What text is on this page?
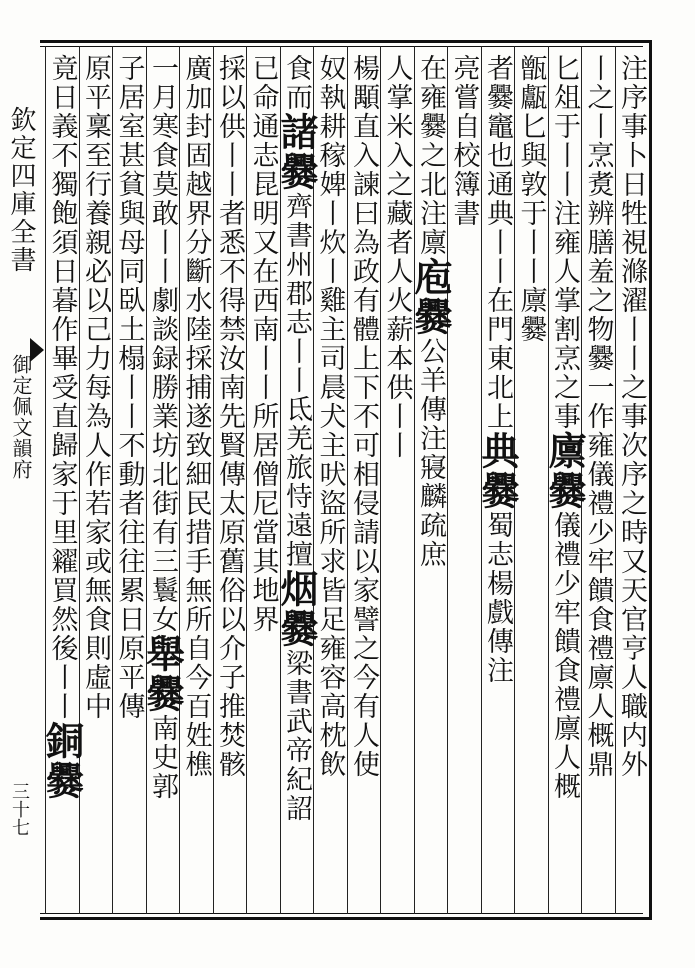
欽定四庫全書
御定佩文韻府
三十七
注序事卜日牲視滌濯丨丨之事次序之時又天官亨人職内外
丨之丨烹煑辨膳羞之物爨一作雍儀禮少牢饋食禮廪人概鼎
匕俎于丨丨注雍人掌割烹之事廪爨儀禮少牢饋食禮廪人概
甑甗匕與敦于丨丨廪爨
者爨竈也通典丨丨在門東北上典爨蜀志楊戲傳注
亮嘗自校簿書
在雍爨之北注廪庖爨公羊傳注寢麟疏庶
人掌米入之藏者人火薪本供丨丨
楊顒直入諫曰為政有體上下不可相侵請以家譬之今有人使
奴執耕稼婢丨炊丨雞主司晨犬主吠盜所求皆足雍容高枕飲
食而諸爨齊書州郡志丨丨氐羌旅恃遠擅烟爨梁書武帝紀詔
已命通志昆明又在西南丨丨所居僧尼當其地界
採以供丨丨者悉不得禁汝南先賢傳太原舊俗以介子推焚骸
廣加封固越界分斷水陸採捕遂致細民措手無所自今百姓樵
一月寒食莫敢丨丨劇談録勝業坊北街有三鬟女舉爨南史郭
子居室甚貧與母同臥土榻丨丨不動者往往累日原平傳
原平稟至行養親必以己力每為人作若家或無食則虛中
竟日義不獨飽須日暮作畢受直歸家于里糴買然後丨丨銅爨
